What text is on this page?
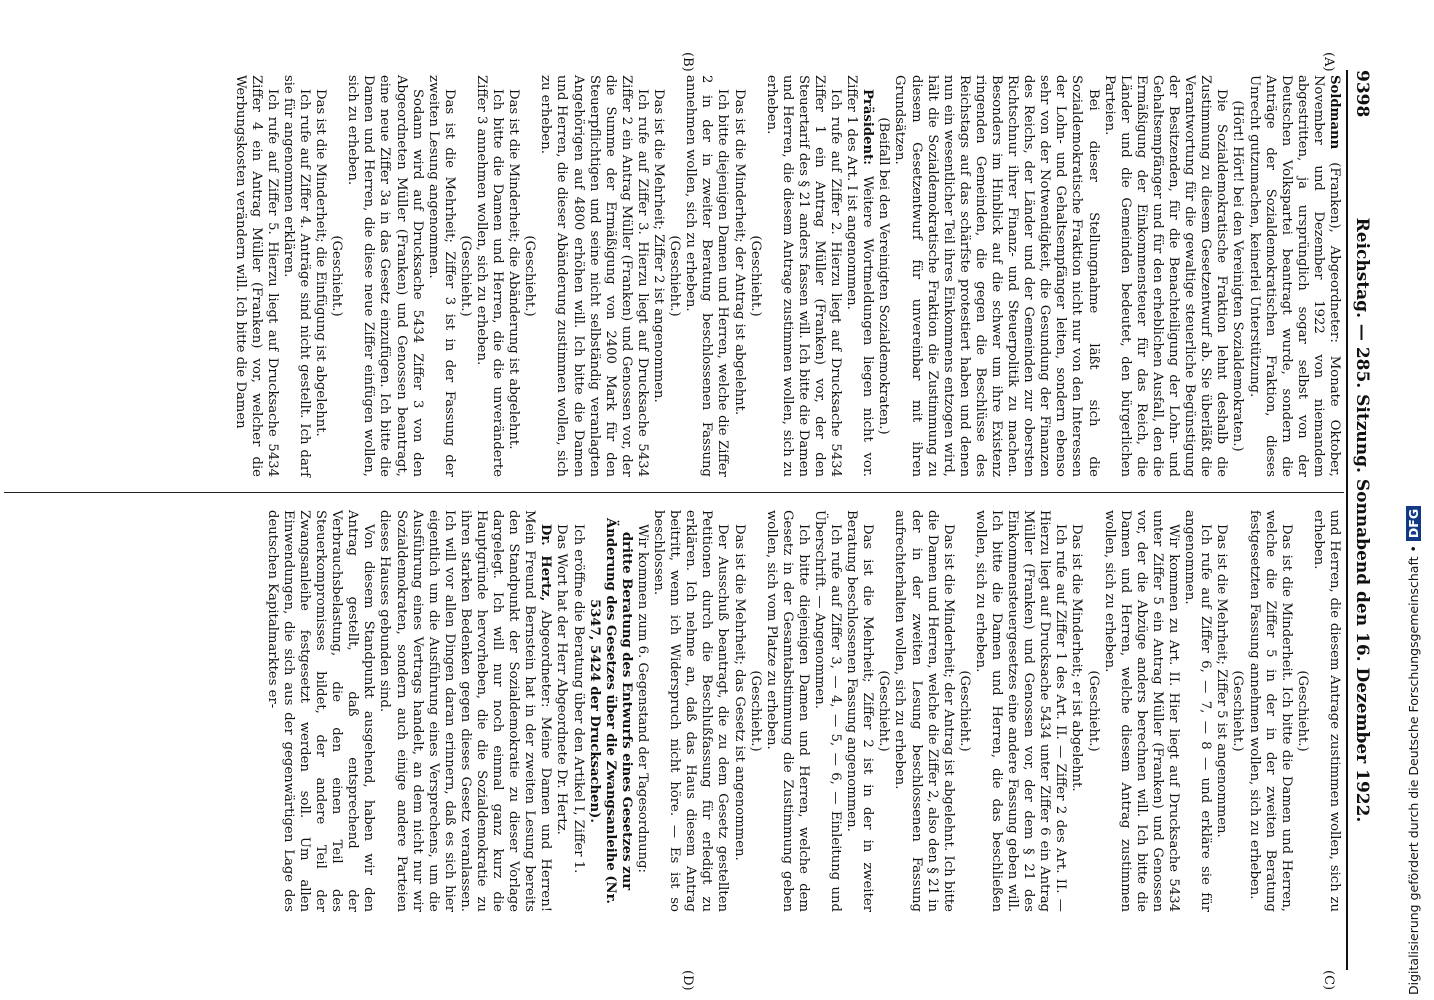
9398
Reichstag. — 285. Sitzung. Sonnabend den 16. Dezember 1922.
(A)
(B)
(C)
(D)

Soldmann (Franken), Abgeordneter: Monate Oktober, November und Dezember 1922 von niemandem abgestritten, ja ursprünglich sogar selbst von der Deutschen Volkspartei beantragt wurde, sondern die Anträge der Sozialdemokratischen Fraktion, dieses Unrecht gutzumachen, keinerlei Unterstützung.

(Hört! Hört! bei den Vereinigten Sozialdemokraten.)

Die Sozialdemokratische Fraktion lehnt deshalb die Zustimmung zu diesem Gesetzentwurf ab. Sie überläßt die Verantwortung für die gewaltige steuerliche Begünstigung der Besitzenden, für die Benachteiligung der Lohn- und Gehaltsempfänger und für den erheblichen Ausfall, den die Ermäßigung der Einkommensteuer für das Reich, die Länder und die Gemeinden bedeutet, den bürgerlichen Parteien.

Bei dieser Stellungnahme läßt sich die Sozialdemokratische Fraktion nicht nur von den Interessen der Lohn- und Gehaltsempfänger leiten, sondern ebenso sehr von der Notwendigkeit, die Gesundung der Finanzen des Reichs, der Länder und der Gemeinden zur obersten Richtschnur ihrer Finanz- und Steuerpolitik zu machen. Besonders im Hinblick auf die schwer um ihre Existenz ringenden Gemeinden, die gegen die Beschlüsse des Reichstags auf das schärfste protestiert haben und denen nun ein wesentlicher Teil ihres Einkommens entzogen wird, hält die Sozialdemokratische Fraktion die Zustimmung zu diesem Gesetzentwurf für unvereinbar mit ihren Grundsätzen.

(Beifall bei den Vereinigten Sozialdemokraten.)

Präsident: Weitere Wortmeldungen liegen nicht vor. Ziffer 1 des Art. I ist angenommen.

Ich rufe auf Ziffer 2. Hierzu liegt auf Drucksache 5434 Ziffer 1 ein Antrag Müller (Franken) vor, der den Steuertarif des § 21 anders fassen will. Ich bitte die Damen und Herren, die diesem Antrage zustimmen wollen, sich zu erheben.

(Geschieht.)

Das ist die Minderheit; der Antrag ist abgelehnt.

Ich bitte diejenigen Damen und Herren, welche die Ziffer 2 in der in zweiter Beratung beschlossenen Fassung annehmen wollen, sich zu erheben.

(Geschieht.)

Das ist die Mehrheit; Ziffer 2 ist angenommen.

Ich rufe auf Ziffer 3. Hierzu liegt auf Drucksache 5434 Ziffer 2 ein Antrag Müller (Franken) und Genossen vor, der die Summe der Ermäßigung von 2400 Mark für den Steuerpflichtigen und seine nicht selbständig veranlagten Angehörigen auf 4800 erhöhen will. Ich bitte die Damen und Herren, die dieser Abänderung zustimmen wollen, sich zu erheben.

(Geschieht.)

Das ist die Minderheit; die Abänderung ist abgelehnt.

Ich bitte die Damen und Herren, die die unveränderte Ziffer 3 annehmen wollen, sich zu erheben.

(Geschieht.)

Das ist die Mehrheit; Ziffer 3 ist in der Fassung der zweiten Lesung angenommen.

Sodann wird auf Drucksache 5434 Ziffer 3 von den Abgeordneten Müller (Franken) und Genossen beantragt, eine neue Ziffer 3a in das Gesetz einzufügen. Ich bitte die Damen und Herren, die diese neue Ziffer einfügen wollen, sich zu erheben.

(Geschieht.)

Das ist die Minderheit; die Einfügung ist abgelehnt.

Ich rufe auf Ziffer 4. Anträge sind nicht gestellt. Ich darf sie für angenommen erklären.

Ich rufe auf Ziffer 5. Hierzu liegt auf Drucksache 5434 Ziffer 4 ein Antrag Müller (Franken) vor, welcher die Werbungskosten verändern will. Ich bitte die Damen

und Herren, die diesem Antrage zustimmen wollen, sich zu erheben.

(Geschieht.)

Das ist die Minderheit. Ich bitte die Damen und Herren, welche die Ziffer 5 in der in der zweiten Beratung festgesetzten Fassung annehmen wollen, sich zu erheben.

(Geschieht.)

Das ist die Mehrheit; Ziffer 5 ist angenommen.

Ich rufe auf Ziffer 6, — 7, — 8 — und erkläre sie für angenommen.

Wir kommen zu Art. II. Hier liegt auf Drucksache 5434 unter Ziffer 5 ein Antrag Müller (Franken) und Genossen vor, der die Abzüge anders berechnen will. Ich bitte die Damen und Herren, welche diesem Antrag zustimmen wollen, sich zu erheben.

(Geschieht.)

Das ist die Minderheit; er ist abgelehnt.

Ich rufe auf Ziffer 1 des Art. II. — Ziffer 2 des Art. II. — Hierzu liegt auf Drucksache 5434 unter Ziffer 6 ein Antrag Müller (Franken) und Genossen vor, der dem § 21 des Einkommensteuergesetzes eine andere Fassung geben will. Ich bitte die Damen und Herren, die das beschließen wollen, sich zu erheben.

(Geschieht.)

Das ist die Minderheit; der Antrag ist abgelehnt. Ich bitte die Damen und Herren, welche die Ziffer 2, also den § 21 in der in der zweiten Lesung beschlossenen Fassung aufrechterhalten wollen, sich zu erheben.

(Geschieht.)

Das ist die Mehrheit; Ziffer 2 ist in der in zweiter Beratung beschlossenen Fassung angenommen.

Ich rufe auf Ziffer 3, — 4, — 5, — 6, — Einleitung und Überschrift. — Angenommen.

Ich bitte diejenigen Damen und Herren, welche dem Gesetz in der Gesamtabstimmung die Zustimmung geben wollen, sich vom Platze zu erheben.

(Geschieht.)

Das ist die Mehrheit; das Gesetz ist angenommen.

Der Ausschuß beantragt, die zu dem Gesetz gestellten Petitionen durch die Beschlußfassung für erledigt zu erklären. Ich nehme an, daß das Haus diesem Antrag beitritt, wenn ich Widerspruch nicht höre. — Es ist so beschlossen.

Wir kommen zum 6. Gegenstand der Tagesordnung:

dritte Beratung des Entwurfs eines Gesetzes zur Änderung des Gesetzes über die Zwangsanleihe (Nr. 5347, 5424 der Drucksachen).

Ich eröffne die Beratung über den Artikel I, Ziffer 1.

Das Wort hat der Herr Abgeordnete Dr. Hertz.

Dr. Hertz, Abgeordneter: Meine Damen und Herren! Mein Freund Bernstein hat in der zweiten Lesung bereits den Standpunkt der Sozialdemokratie zu dieser Vorlage dargelegt. Ich will nur noch einmal ganz kurz die Hauptgründe hervorheben, die die Sozialdemokratie zu ihren starken Bedenken gegen dieses Gesetz veranlassen. Ich will vor allen Dingen daran erinnern, daß es sich hier eigentlich um die Ausführung eines Versprechens, um die Ausführung eines Vertrags handelt, an dem nicht nur wir Sozialdemokraten, sondern auch einige andere Parteien dieses Hauses gebunden sind.

Von diesem Standpunkt ausgehend, haben wir den Antrag gestellt, daß entsprechend der Verbrauchsbelastung, die den einen Teil des Steuerkompromisses bildet, der andere Teil der Zwangsanleihe festgesetzt werden soll. Um allen Einwendungen, die sich aus der gegenwärtigen Lage des deutschen Kapitalmarktes er-	Digitalisierung gefördert durch die Deutsche Forschungsgemeinschaft •DFG
